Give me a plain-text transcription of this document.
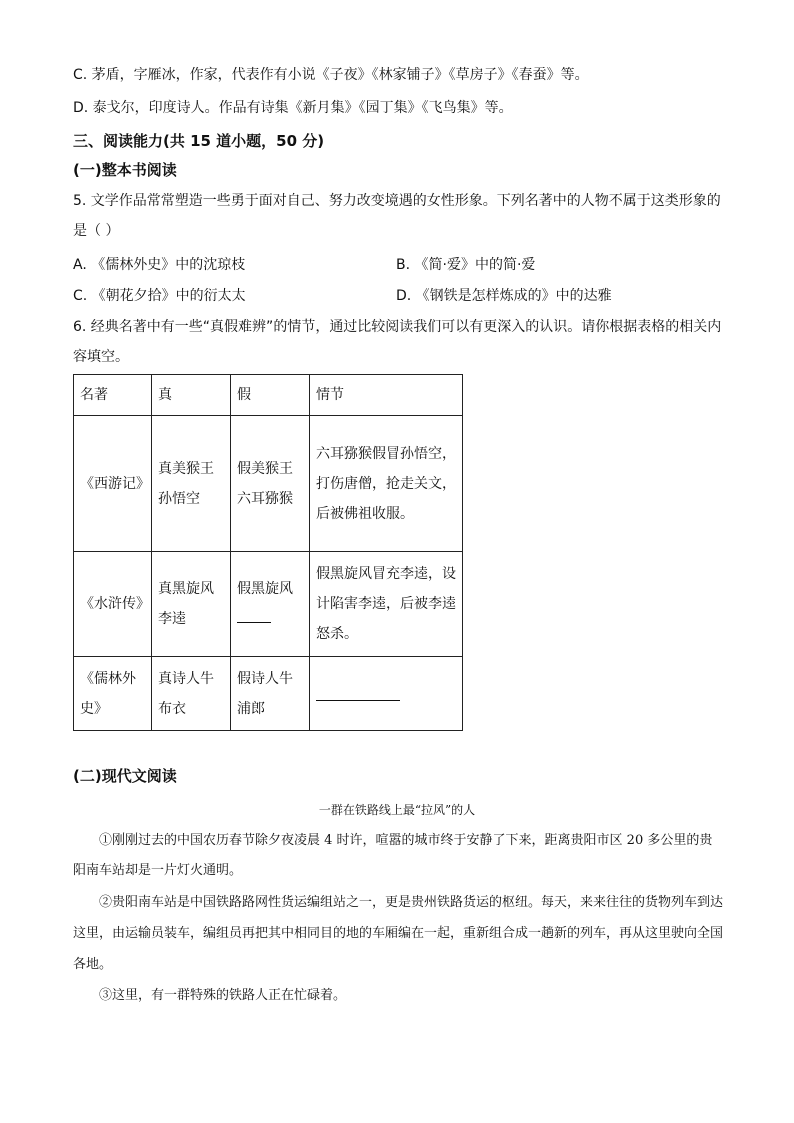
C. 茅盾，字雁冰，作家，代表作有小说《子夜》《林家铺子》《草房子》《春蚕》等。
D. 泰戈尔，印度诗人。作品有诗集《新月集》《园丁集》《飞鸟集》等。
三、阅读能力(共 15 道小题，50 分)
(一)整本书阅读
5. 文学作品常常塑造一些勇于面对自己、努力改变境遇的女性形象。下列名著中的人物不属于这类形象的是（ ）
A. 《儒林外史》中的沈琼枝	B. 《简·爱》中的简·爱
C. 《朝花夕拾》中的衍太太	D. 《钢铁是怎样炼成的》中的达雅
6. 经典名著中有一些“真假难辨”的情节，通过比较阅读我们可以有更深入的认识。请你根据表格的相关内容填空。
名著	真	假	情节
《西游记》	真美猴王孙悟空	假美猴王六耳猕猴	六耳猕猴假冒孙悟空，打伤唐僧，抢走关文，后被佛祖收服。
《水浒传》	真黑旋风李逵	假黑旋风	假黑旋风冒充李逵，设计陷害李逵，后被李逵怒杀。
《儒林外史》	真诗人牛布衣	假诗人牛浦郎	
(二)现代文阅读
一群在铁路线上最“拉风”的人
①刚刚过去的中国农历春节除夕夜凌晨 4 时许，喧嚣的城市终于安静了下来，距离贵阳市区 20 多公里的贵阳南车站却是一片灯火通明。
②贵阳南车站是中国铁路路网性货运编组站之一，更是贵州铁路货运的枢纽。每天，来来往往的货物列车到达这里，由运输员装车，编组员再把其中相同目的地的车厢编在一起，重新组合成一趟新的列车，再从这里驶向全国各地。
③这里，有一群特殊的铁路人正在忙碌着。
